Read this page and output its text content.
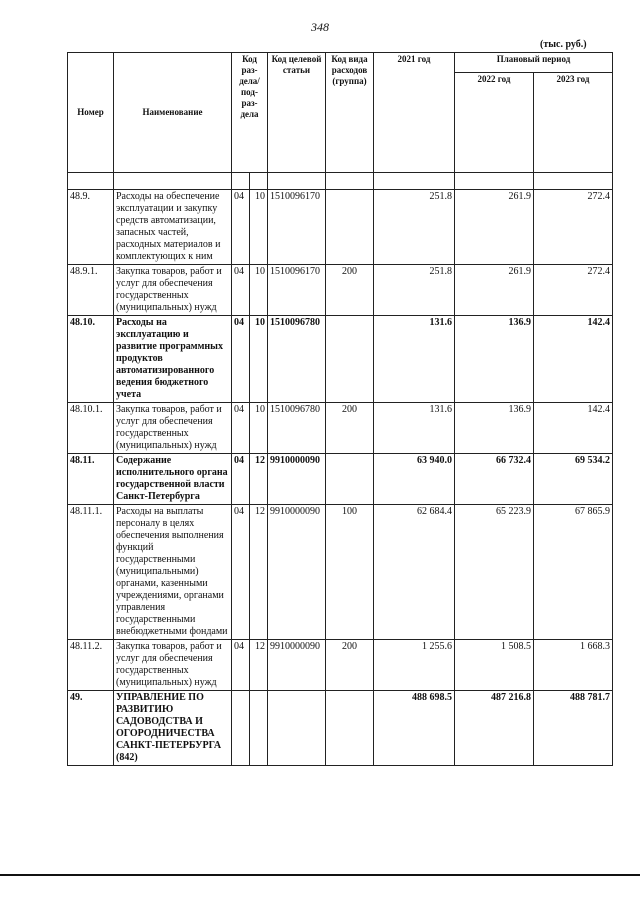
348
(тыс. руб.)
Номер	Наименование	Код раз-дела/ под-раз-дела		Код целевой статьи	Код вида расходов (группа)	2021 год	Плановый период	
							2022 год	2023 год

48.9.	Расходы на обеспечение эксплуатации и закупку средств автоматизации, запасных частей, расходных материалов и комплектующих к ним	04	10	1510096170		251.8	261.9	272.4
48.9.1.	Закупка товаров, работ и услуг для обеспечения государственных (муниципальных) нужд	04	10	1510096170	200	251.8	261.9	272.4
48.10.	Расходы на эксплуатацию и развитие программных продуктов автоматизированного ведения бюджетного учета	04	10	1510096780		131.6	136.9	142.4
48.10.1.	Закупка товаров, работ и услуг для обеспечения государственных (муниципальных) нужд	04	10	1510096780	200	131.6	136.9	142.4
48.11.	Содержание исполнительного органа государственной власти Санкт-Петербурга	04	12	9910000090		63 940.0	66 732.4	69 534.2
48.11.1.	Расходы на выплаты персоналу в целях обеспечения выполнения функций государственными (муниципальными) органами, казенными учреждениями, органами управления государственными внебюджетными фондами	04	12	9910000090	100	62 684.4	65 223.9	67 865.9
48.11.2.	Закупка товаров, работ и услуг для обеспечения государственных (муниципальных) нужд	04	12	9910000090	200	1 255.6	1 508.5	1 668.3
49.	УПРАВЛЕНИЕ ПО РАЗВИТИЮ САДОВОДСТВА И ОГОРОДНИЧЕСТВА САНКТ-ПЕТЕРБУРГА (842)					488 698.5	487 216.8	488 781.7
